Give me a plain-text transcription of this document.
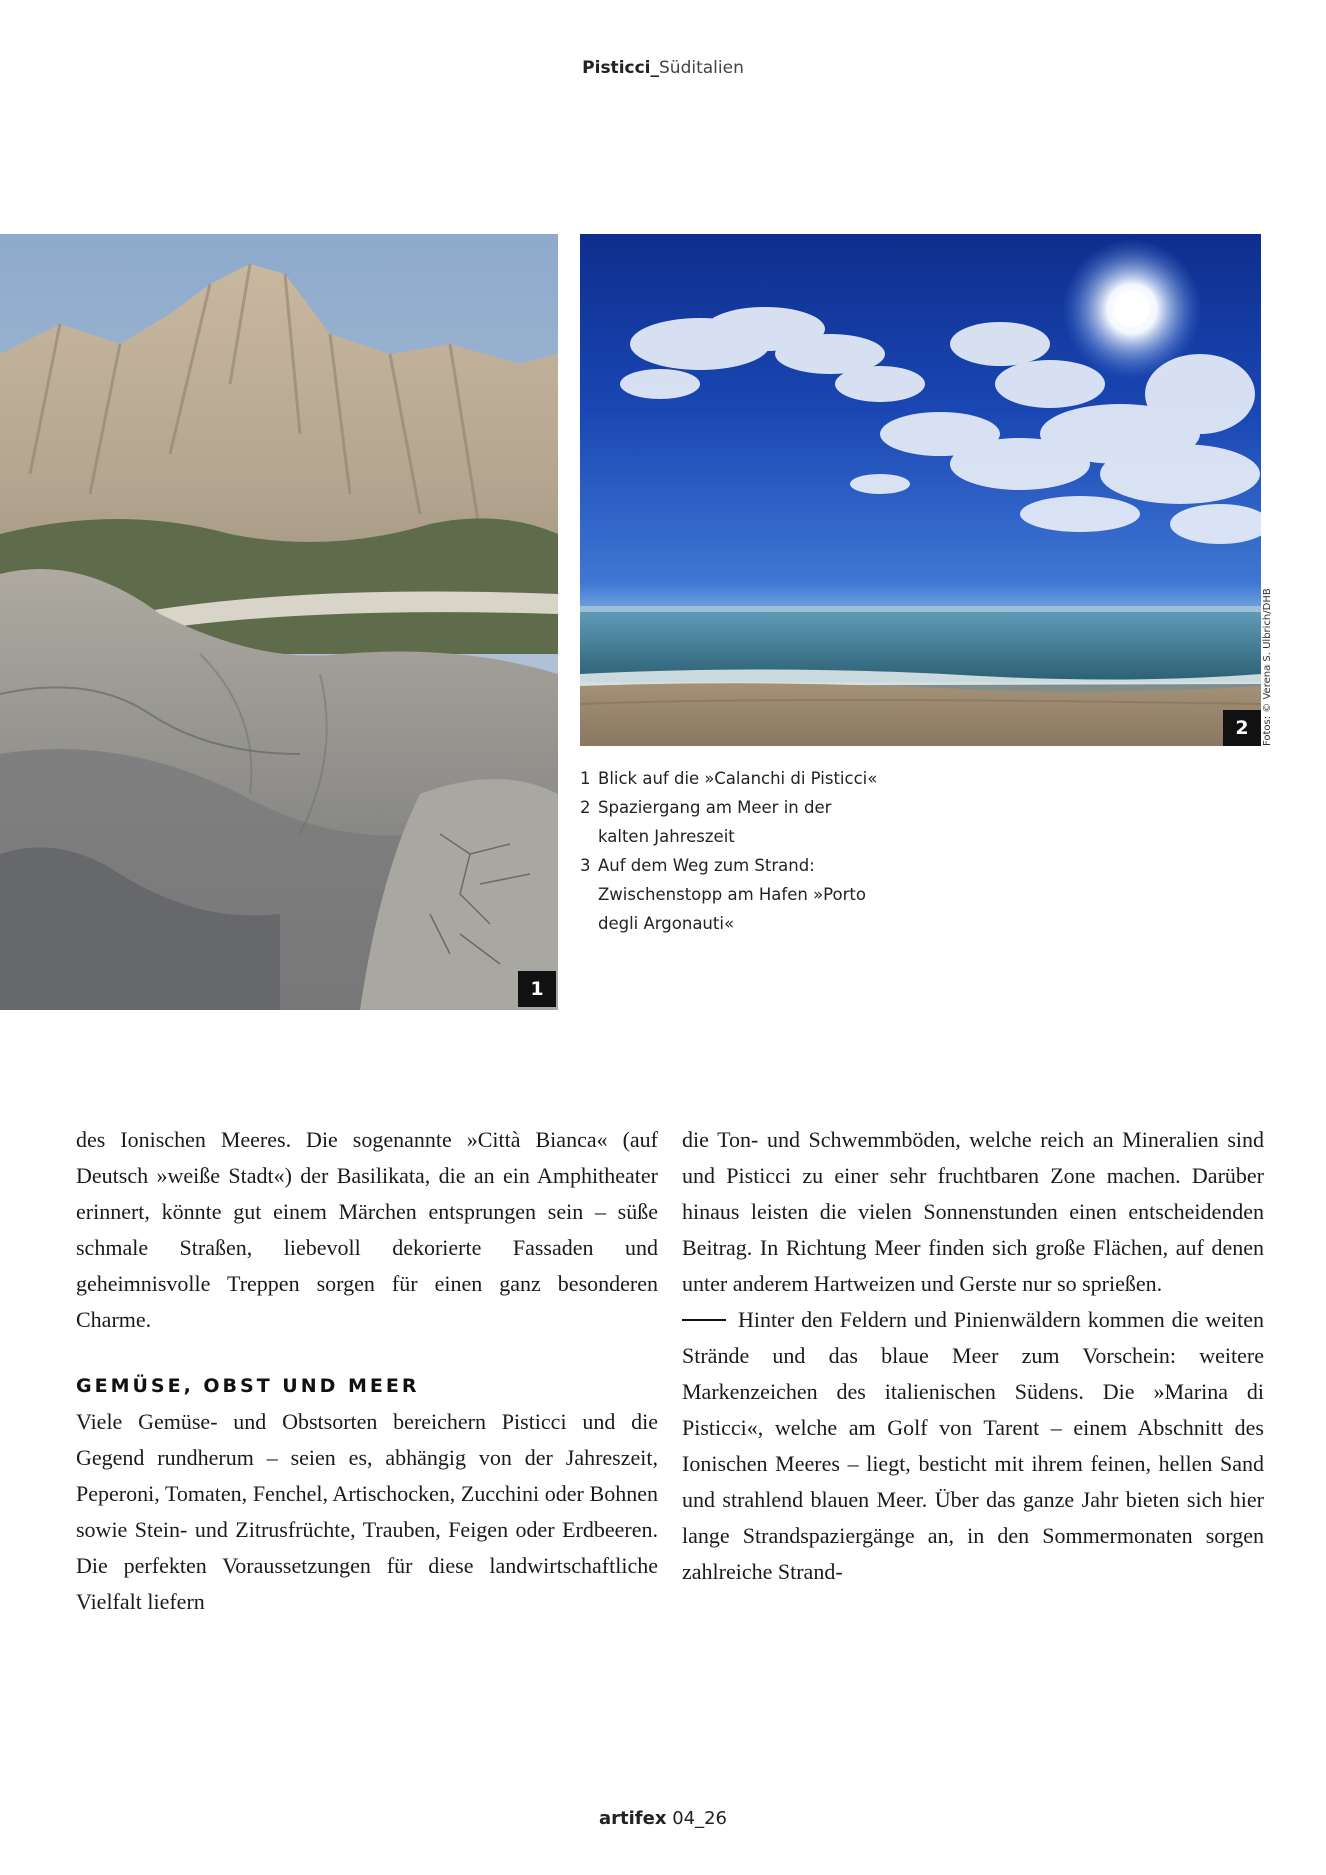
Pisticci_Süditalien
1
2	Fotos: © Verena S. Ulbrich/DHB
1 Blick auf die »Calanchi di Pisticci«
2 Spaziergang am Meer in der kalten Jahreszeit
3 Auf dem Weg zum Strand: Zwischenstopp am Hafen »Porto degli Argonauti«

des Ionischen Meeres. Die sogenannte »Città Bianca« (auf Deutsch »weiße Stadt«) der Basilikata, die an ein Amphitheater erinnert, könnte gut einem Märchen entsprungen sein – süße schmale Straßen, liebevoll dekorierte Fassaden und geheimnisvolle Treppen sorgen für einen ganz besonderen Charme.

GEMÜSE, OBST UND MEER

Viele Gemüse- und Obstsorten bereichern Pisticci und die Gegend rundherum – seien es, abhängig von der Jahreszeit, Peperoni, Tomaten, Fenchel, Artischocken, Zucchini oder Bohnen sowie Stein- und Zitrusfrüchte, Trauben, Feigen oder Erdbeeren. Die perfekten Voraussetzungen für diese landwirtschaftliche Vielfalt liefern

die Ton- und Schwemmböden, welche reich an Mineralien sind und Pisticci zu einer sehr fruchtbaren Zone machen. Darüber hinaus leisten die vielen Sonnenstunden einen entscheidenden Beitrag. In Richtung Meer finden sich große Flächen, auf denen unter anderem Hartweizen und Gerste nur so sprießen.

Hinter den Feldern und Pinienwäldern kommen die weiten Strände und das blaue Meer zum Vorschein: weitere Markenzeichen des italienischen Südens. Die »Marina di Pisticci«, welche am Golf von Tarent – einem Abschnitt des Ionischen Meeres – liegt, besticht mit ihrem feinen, hellen Sand und strahlend blauen Meer. Über das ganze Jahr bieten sich hier lange Strandspaziergänge an, in den Sommermonaten sorgen zahlreiche Strand-

artifex 04_26
